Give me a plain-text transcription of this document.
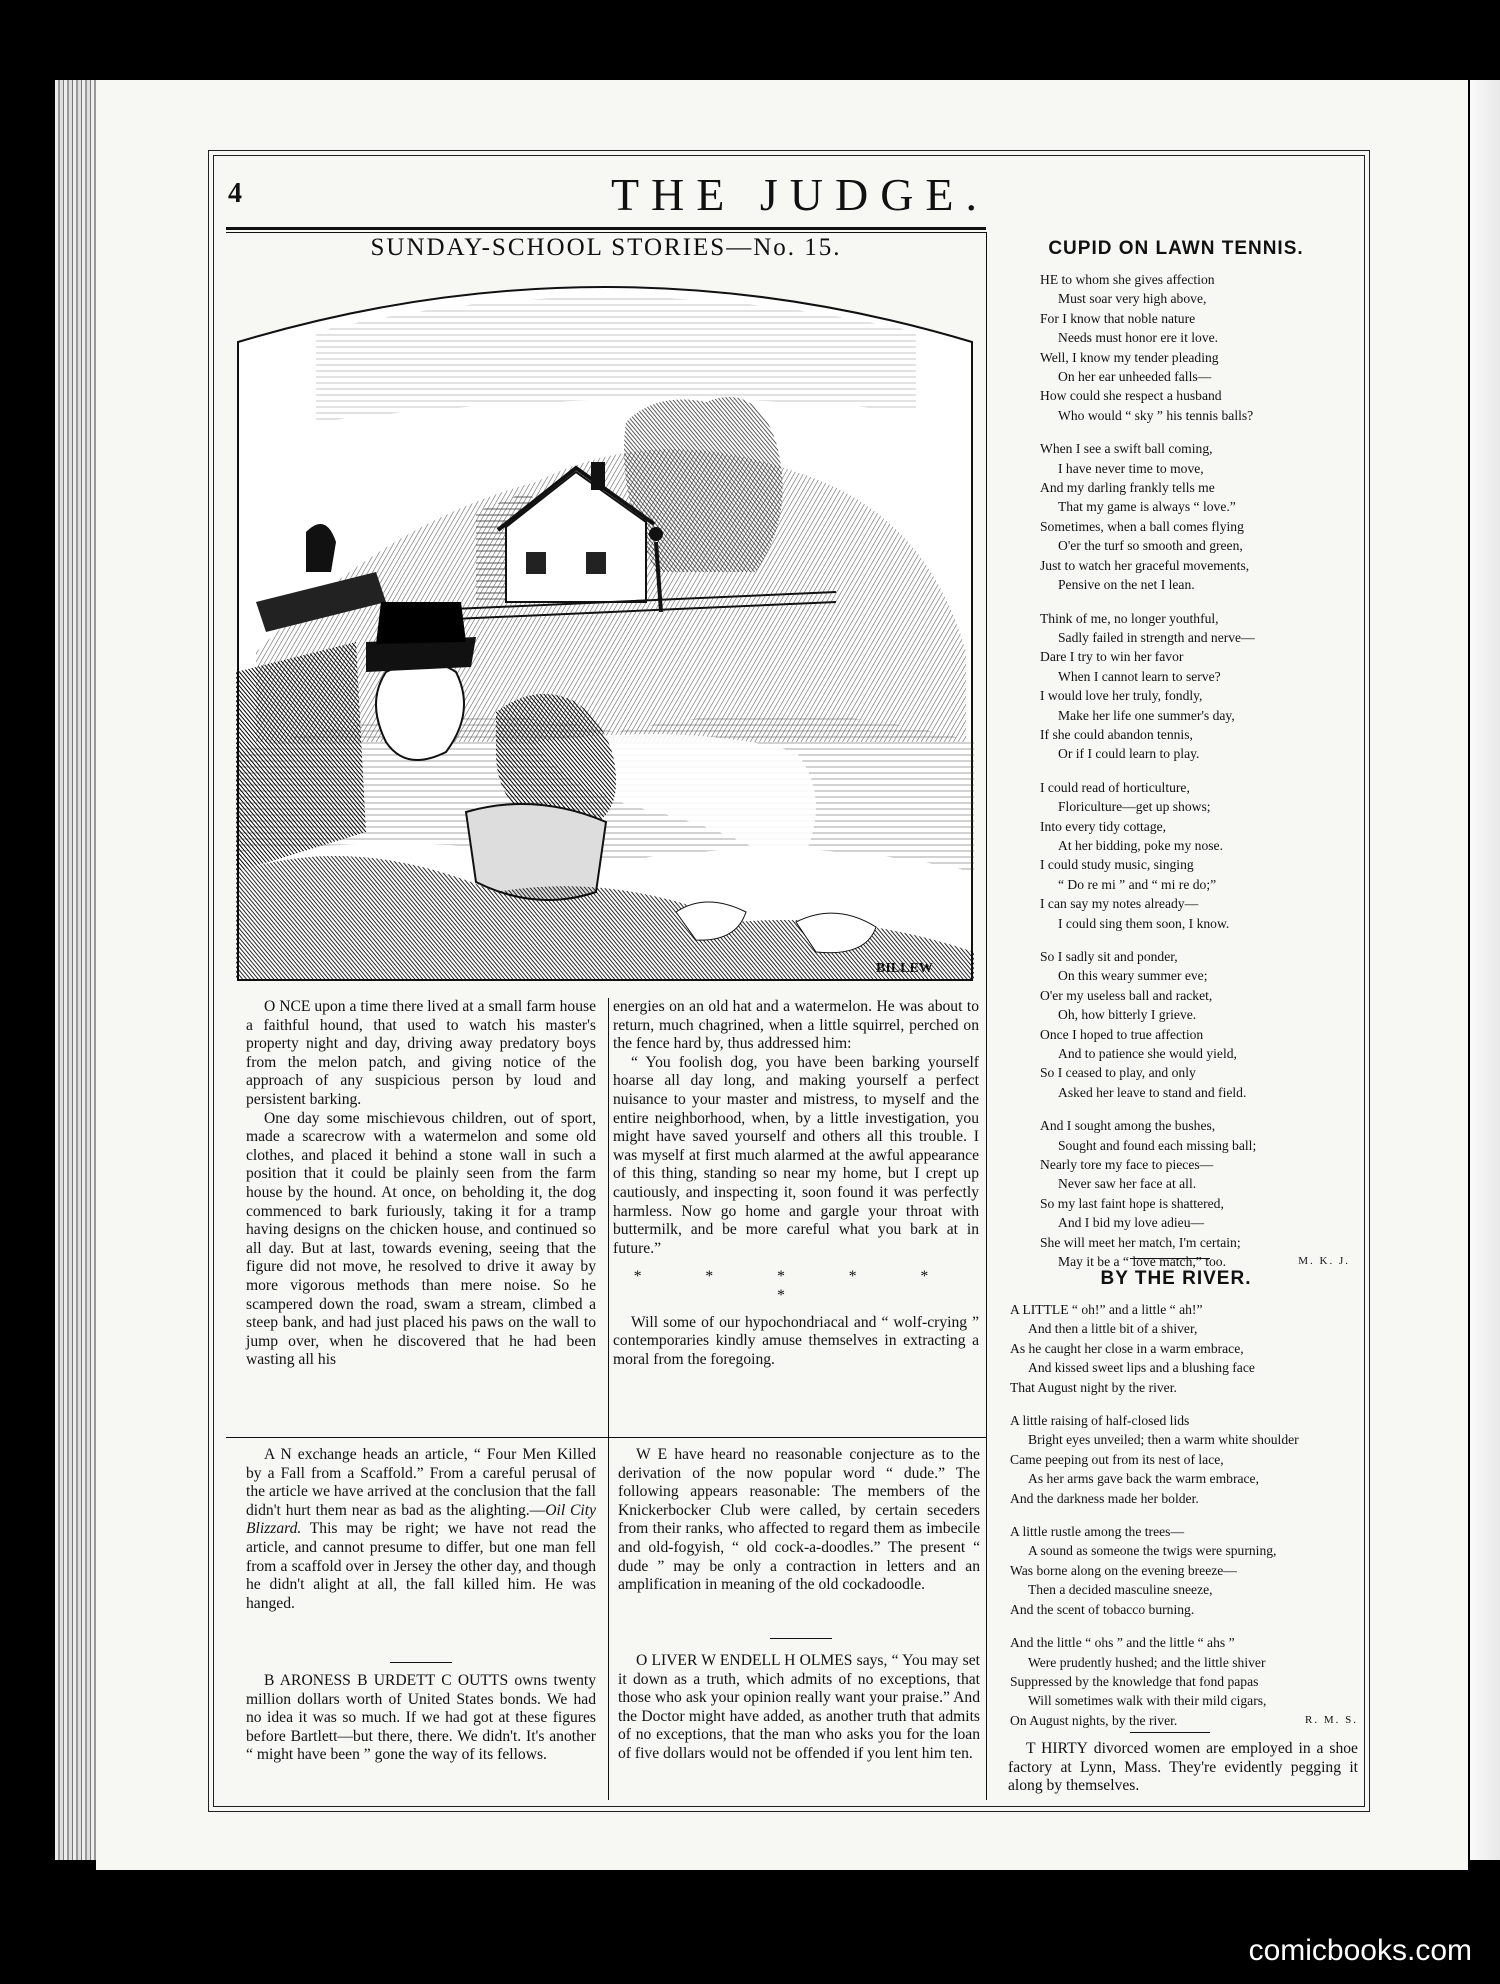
4	THE JUDGE.
SUNDAY-SCHOOL STORIES—No. 15.
BILLEW

O NCE upon a time there lived at a small farm house a faithful hound, that used to watch his master's property night and day, driving away predatory boys from the melon patch, and giving notice of the approach of any suspicious person by loud and persistent barking.

One day some mischievous children, out of sport, made a scarecrow with a watermelon and some old clothes, and placed it behind a stone wall in such a position that it could be plainly seen from the farm house by the hound. At once, on beholding it, the dog commenced to bark furiously, taking it for a tramp having designs on the chicken house, and continued so all day. But at last, towards evening, seeing that the figure did not move, he resolved to drive it away by more vigorous methods than mere noise. So he scampered down the road, swam a stream, climbed a steep bank, and had just placed his paws on the wall to jump over, when he discovered that he had been wasting all his

energies on an old hat and a watermelon. He was about to return, much chagrined, when a little squirrel, perched on the fence hard by, thus addressed him:

“ You foolish dog, you have been barking yourself hoarse all day long, and making yourself a perfect nuisance to your master and mistress, to myself and the entire neighborhood, when, by a little investigation, you might have saved yourself and others all this trouble. I was myself at first much alarmed at the awful appearance of this thing, standing so near my home, but I crept up cautiously, and inspecting it, soon found it was perfectly harmless. Now go home and gargle your throat with buttermilk, and be more careful what you bark at in future.”

* * * * * *

Will some of our hypochondriacal and “ wolf-crying ” contemporaries kindly amuse themselves in extracting a moral from the foregoing.

A N exchange heads an article, “ Four Men Killed by a Fall from a Scaffold.” From a careful perusal of the article we have arrived at the conclusion that the fall didn't hurt them near as bad as the alighting.—Oil City Blizzard. This may be right; we have not read the article, and cannot presume to differ, but one man fell from a scaffold over in Jersey the other day, and though he didn't alight at all, the fall killed him. He was hanged.

B ARONESS B URDETT C OUTTS owns twenty million dollars worth of United States bonds. We had no idea it was so much. If we had got at these figures before Bartlett—but there, there. We didn't. It's another “ might have been ” gone the way of its fellows.

W E have heard no reasonable conjecture as to the derivation of the now popular word “ dude.” The following appears reasonable: The members of the Knickerbocker Club were called, by certain seceders from their ranks, who affected to regard them as imbecile and old-fogyish, “ old cock-a-doodles.” The present “ dude ” may be only a contraction in letters and an amplification in meaning of the old cockadoodle.

O LIVER W ENDELL H OLMES says, “ You may set it down as a truth, which admits of no exceptions, that those who ask your opinion really want your praise.” And the Doctor might have added, as another truth that admits of no exceptions, that the man who asks you for the loan of five dollars would not be offended if you lent him ten.

CUPID ON LAWN TENNIS.
HE to whom she gives affection
Must soar very high above,
For I know that noble nature
Needs must honor ere it love.
Well, I know my tender pleading
On her ear unheeded falls—
How could she respect a husband
Who would “ sky ” his tennis balls?
When I see a swift ball coming,
I have never time to move,
And my darling frankly tells me
That my game is always “ love.”
Sometimes, when a ball comes flying
O'er the turf so smooth and green,
Just to watch her graceful movements,
Pensive on the net I lean.
Think of me, no longer youthful,
Sadly failed in strength and nerve—
Dare I try to win her favor
When I cannot learn to serve?
I would love her truly, fondly,
Make her life one summer's day,
If she could abandon tennis,
Or if I could learn to play.
I could read of horticulture,
Floriculture—get up shows;
Into every tidy cottage,
At her bidding, poke my nose.
I could study music, singing
“ Do re mi ” and “ mi re do;”
I can say my notes already—
I could sing them soon, I know.
So I sadly sit and ponder,
On this weary summer eve;
O'er my useless ball and racket,
Oh, how bitterly I grieve.
Once I hoped to true affection
And to patience she would yield,
So I ceased to play, and only
Asked her leave to stand and field.
And I sought among the bushes,
Sought and found each missing ball;
Nearly tore my face to pieces—
Never saw her face at all.
So my last faint hope is shattered,
And I bid my love adieu—
She will meet her match, I'm certain;
M. K. J.
May it be a “ love match,” too.
BY THE RIVER.
A LITTLE “ oh!” and a little “ ah!”
And then a little bit of a shiver,
As he caught her close in a warm embrace,
And kissed sweet lips and a blushing face
That August night by the river.
A little raising of half-closed lids
Bright eyes unveiled; then a warm white shoulder
Came peeping out from its nest of lace,
As her arms gave back the warm embrace,
And the darkness made her bolder.
A little rustle among the trees—
A sound as someone the twigs were spurning,
Was borne along on the evening breeze—
Then a decided masculine sneeze,
And the scent of tobacco burning.
And the little “ ohs ” and the little “ ahs ”
Were prudently hushed; and the little shiver
Suppressed by the knowledge that fond papas
Will sometimes walk with their mild cigars,
R. M. S.
On August nights, by the river.

T HIRTY divorced women are employed in a shoe factory at Lynn, Mass. They're evidently pegging it along by themselves.

comicbooks.com
